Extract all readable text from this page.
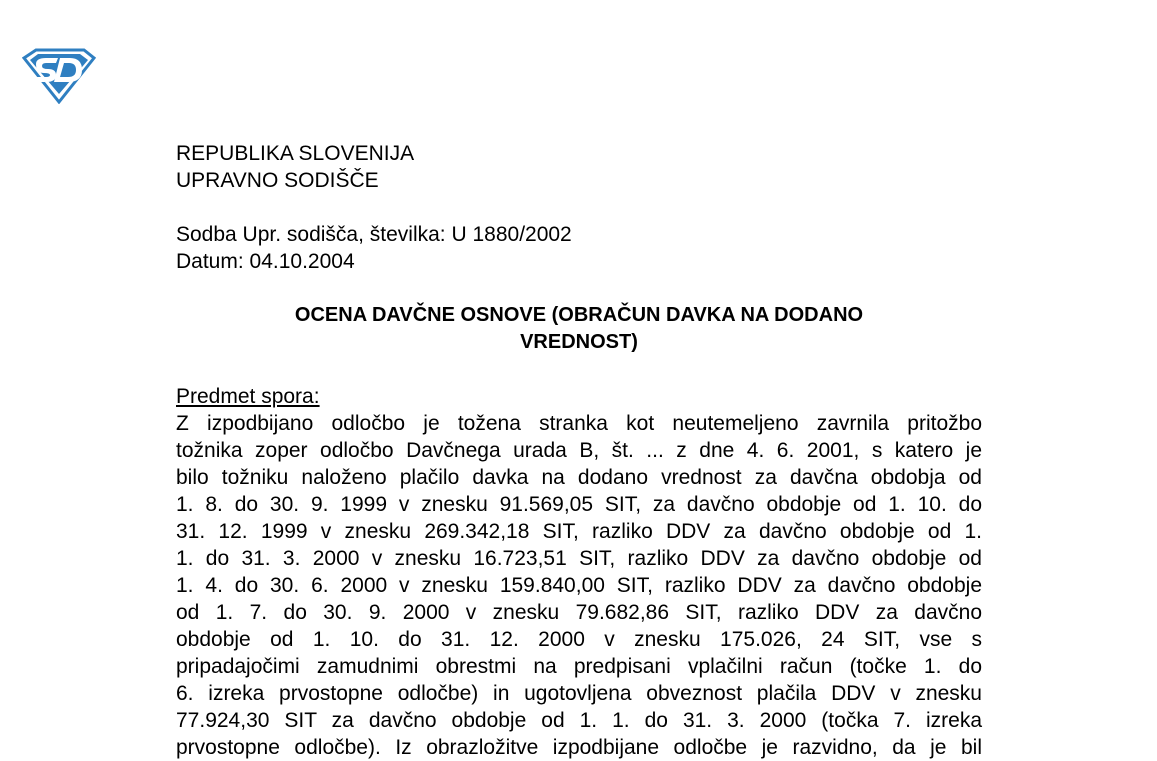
REPUBLIKA SLOVENIJA
UPRAVNO SODIŠČE
Sodba Upr. sodišča, številka: U 1880/2002
Datum: 04.10.2004
OCENA DAVČNE OSNOVE (OBRAČUN DAVKA NA DODANO
VREDNOST)
Predmet spora:
Z izpodbijano odločbo je tožena stranka kot neutemeljeno zavrnila pritožbo
tožnika zoper odločbo Davčnega urada B, št. ... z dne 4. 6. 2001, s katero je
bilo tožniku naloženo plačilo davka na dodano vrednost za davčna obdobja od
1. 8. do 30. 9. 1999 v znesku 91.569,05 SIT, za davčno obdobje od 1. 10. do
31. 12. 1999 v znesku 269.342,18 SIT, razliko DDV za davčno obdobje od 1.
1. do 31. 3. 2000 v znesku 16.723,51 SIT, razliko DDV za davčno obdobje od
1. 4. do 30. 6. 2000 v znesku 159.840,00 SIT, razliko DDV za davčno obdobje
od 1. 7. do 30. 9. 2000 v znesku 79.682,86 SIT, razliko DDV za davčno
obdobje od 1. 10. do 31. 12. 2000 v znesku 175.026, 24 SIT, vse s
pripadajočimi zamudnimi obrestmi na predpisani vplačilni račun (točke 1. do
6. izreka prvostopne odločbe) in ugotovljena obveznost plačila DDV v znesku
77.924,30 SIT za davčno obdobje od 1. 1. do 31. 3. 2000 (točka 7. izreka
prvostopne odločbe). Iz obrazložitve izpodbijane odločbe je razvidno, da je bil
